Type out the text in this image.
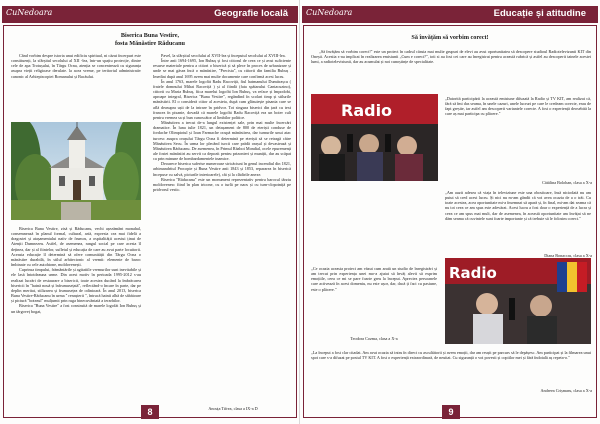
CuNedoara	Geografie locală
Biserica Buna Vestire,
fosta Mănăstire Răducanu

Când vorbim despre istoria unui edificiu spiritual, ni căzut încerpuri este constituenți, la sfârșitul secolului al XII -lea, într-un spațiu protecție, dintre cele de apa Trotușului, în Târgu Ocna, atenția se concentrează cu siguranța asupra vieții religioase derulate. la acea vreme, pe teritoriul administrativ canonic al Arhiepiscopiei Romanului și Bacăului.

Biserica Buna Vestire, zisă și Răducanu, vechi așezământ monahal, consemnează în planul formal, cultural, artă, expresia cea mai fidelă a dragostei și atașamentului nativ de frumos, a ospitalității acestui ținut de Atenții Dumnezeu. Astfel, de asemenea, rangul social pe care acesta îl deținea, dar și al fiintelor, sufletul și educația de care au avut parte locuitorii. Aceasta educație îl determină să ofere comunității din Târgu Ocna o mănăstire durabilă, în stilul arhitectonic al vremii: elemente de baroc îmbinate cu cele autohtone, moldovenești.

Cuprinsa timpului, frământările și agitatiile vremurilor sunt inevitabile și ele lasă întotdeauna urme. Din acest motiv în perioada 1995-2012 s-au realizat lucrări de restaurare a bisericii, toate acestea ducând la îmbrăcarea bisericii în "haină nouă și înfrumusețată", reflectând-o încare în parte, dar pe deplin meritat, stilizarea și frumusețea de odinioară. În anul 2013, biserica Buna Vestire-Răducanu în urma " renașterii ", întrucă hainii albă de săbătoare și pictură "botezul" mulțumit prin ruga binecuvântată a ierarhilor.

Biserica "Buna Vestire" a fost construită de marele logofăt Ion Bubuș și un târgoveț bogat,

Pavel, la sfârșitul secolului al XVII-lea și începutul secolului al XVIII-lea.

Între anii 1694-1695, Ion Bubuș și fost ctitorul de ceea ce și avut suficiente resurse materiale pentru a ctitori o biserică și să plece în proces de urbanizare și unde se mai găsea încă o mănăstire, "Precista", cu ctitorii din familia Bubuș . Imediat după anul 1695 avem mai multe documente care confirmă acest lucru.

În anul 1763, marele logofăt Radu Racoviță, fiul hatmanului Dumitrașcu ( fratele domnului Mihai Racoviță ) și al fiindă (fata spătarului Cantacuzino), ctitorii cu Maria Bubuș, fiica marelui logofăt Ion Bubuș, va reface și împodobi, aproape integral, Biserica "Buna Vestire", regândind în scolari timp și stilurile mănăstirii. El o consideră ctitor al acesteia, după cum glăsuiește pisania care se află deasupra ușii de la intrare în pridvor. Tot singura biserici din țară cu text francez în pisanie, dovadă că marele logofăt Radu Racoviță era un boier cult pentru vremea sa și bun cunoscător al limbilor politice.

Mănăstirea a trecut de-a lungul existenței sale, prin mai multe încercări dramatice. În luna iulie 1821, un detașament de 800 de eteriști conduse de fordache Olimpiotul și Ioan Farmache ocupă mănăstirea, dar turnurile unui atac turcesc asupra orașului Târgu Ocna îi determină pe eteriști să se retragă către Mănăstirea Secu. În urma lor plecând turcii care prădă orașul și devastează și Mănăstirea Răducanu. De asemenea, în Primul Război Mondial, ocele epuremenți ale fostei mănăstiri au servit ca depozit pentru prizonieri și muniții, dar au scăpat ca prin minune de bombardamentele inamice.

Deoarece biserica suferise numeroase stricăciuni în genul incendiul din 1821, arhimandritul Procopie și Buna Vestire anii 1843 și 1853, repararea în biserică începuse cu salvă, picturile interioarele), cât și la clădirile anexe.

Biserica "Răducanu" este un monument reprezentativ pentru barocul târziu moldovenesc fiind în plan tricone, cu o turlă pe naos și cu turn-clopotniță pe pridvorul vestic.

Ancuța Tifrea, clasa a IX-a D
8
CuNedoara	Educație și atitudine
Să învățăm să vorbim corect!

„Să învățăm să vorbim corect!" este un proiect în cadrul căruia mai multe grupuri de elevi au avut oportunitatea să descopere studioul Radiotelevizunii KIT din Onești. Acestia s-au implicat în realizarea emisiunii „Cum e corect?", toti si au fost cei care au înregistrat pentru această rubrică și astfel au descoperit tainele acestei lumi, a radiotelevisiunii, dar au acumulat și noi cunoștințe de specialitate.

Radio

„Datorită participării la această emisiune difuzată la Radio și TV KIT, am realizat că, fără să îmi das seama, în unele cazuri, unele lucruri pe care le credeam corecte, erau de fapt greșite, iar astfel am descoperit variantele corecte. A fost o experiență deosebită la care aș mai participa cu plăcere."

Cătălina Bolohan, clasa a X-a

„Am auzit adesea că viața în televiziune este una obositoare, însă niciodată nu am putut să cred acest lucru. Și nici nu m-am gândit că voi avea ocazia de a o trăi. Cu toate acestea, acea oportunitate mi-a însemnat să apară și, în final, mi-am dat seama că nu tot ceea ce am spus este adevărat. Acest lucru a fost doar o experiență de a lucra și ceea ce am spus mai mult, dar de asemenea, în această oportunitate am învățat să ne dăm seama că cuvintele sunt foarte importante și că trebuie să le folosim corect."

Diana Bonaccas, clasa a X-a

„Ce ocazia aceasta proiect am văzut cum arată un studio de înregistrări și am trecut prin experiența unei mo-a ajutat să învăț alevii să exprim emoțiile, ceea ce mi se pare foarte greu la început. Apreciez persoanele care activează în acest domeniu, nu este ușor, dar, dacă ți faci cu pasiune, este o plăcere."

Teodora Cozma, clasa a X-a
Radio

„La început a fost clar citadat. Am avut ocazia să intru în direct cu ascultătorii și avem emoții, dar am reușit pe parcurs să le depășesc. Am participat și la filmarea unui spot care s-a difuzat pe postul TV KIT. A fost o experiență extraordinară, de neuitat. Cu siguranță o voi povesti și copiilor mei și fără îndoială aș repeta-o."

Andreea Crișmaru, clasa a X-a
9
